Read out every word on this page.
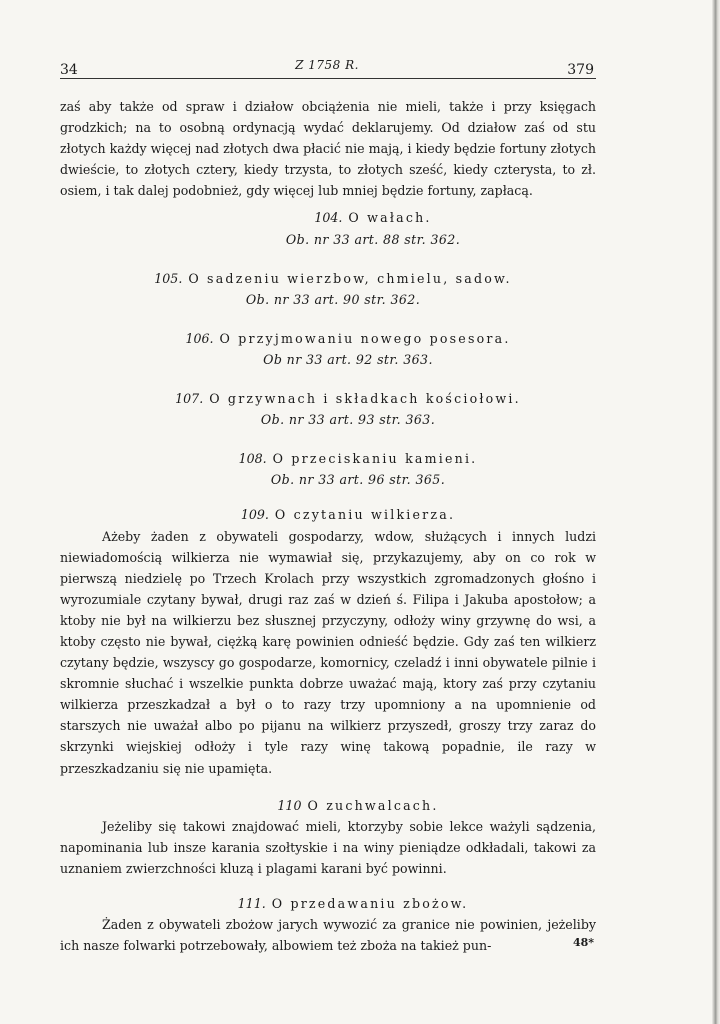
34	Z 1758 R.	379

zaś aby także od spraw i działow obciążenia nie mieli, także i przy księgach grodzkich; na to osobną ordynacją wydać deklarujemy. Od działow zaś od stu złotych każdy więcej nad złotych dwa płacić nie mają, i kiedy będzie fortuny złotych dwieście, to złotych cztery, kiedy trzysta, to złotych sześć, kiedy czterysta, to zł. osiem, i tak dalej podobnież, gdy więcej lub mniej będzie fortuny, zapłacą.

104. O wałach.
Ob. nr 33 art. 88 str. 362.
105. O sadzeniu wierzbow, chmielu, sadow.
Ob. nr 33 art. 90 str. 362.
106. O przyjmowaniu nowego posesora.
Ob nr 33 art. 92 str. 363.
107. O grzywnach i składkach kościołowi.
Ob. nr 33 art. 93 str. 363.
108. O przeciskaniu kamieni.
Ob. nr 33 art. 96 str. 365.
109. O czytaniu wilkierza.

Ażeby żaden z obywateli gospodarzy, wdow, służących i innych ludzi niewiadomością wilkierza nie wymawiał się, przykazujemy, aby on co rok w pierwszą niedzielę po Trzech Krolach przy wszystkich zgromadzonych głośno i wyrozumiale czytany bywał, drugi raz zaś w dzień ś. Filipa i Jakuba apostołow; a ktoby nie był na wilkierzu bez słusznej przyczyny, odłoży winy grzywnę do wsi, a ktoby często nie bywał, ciężką karę powinien odnieść będzie. Gdy zaś ten wilkierz czytany będzie, wszyscy go gospodarze, komornicy, czeladź i inni obywatele pilnie i skromnie słuchać i wszelkie punkta dobrze uważać mają, ktory zaś przy czytaniu wilkierza przeszkadzał a był o to razy trzy upomniony a na upomnienie od starszych nie uważał albo po pijanu na wilkierz przyszedł, groszy trzy zaraz do skrzynki wiejskiej odłoży i tyle razy winę takową popadnie, ile razy w przeszkadzaniu się nie upamięta.

110 O zuchwalcach.

Jeżeliby się takowi znajdować mieli, ktorzyby sobie lekce ważyli sądzenia, napominania lub insze karania szołtyskie i na winy pieniądze odkładali, takowi za uznaniem zwierzchności kluzą i plagami karani być powinni.

111. O przedawaniu zbożow.

Żaden z obywateli zbożow jarych wywozić za granice nie powinien, jeżeliby ich nasze folwarki potrzebowały, albowiem też zboża na takież pun-	48*
